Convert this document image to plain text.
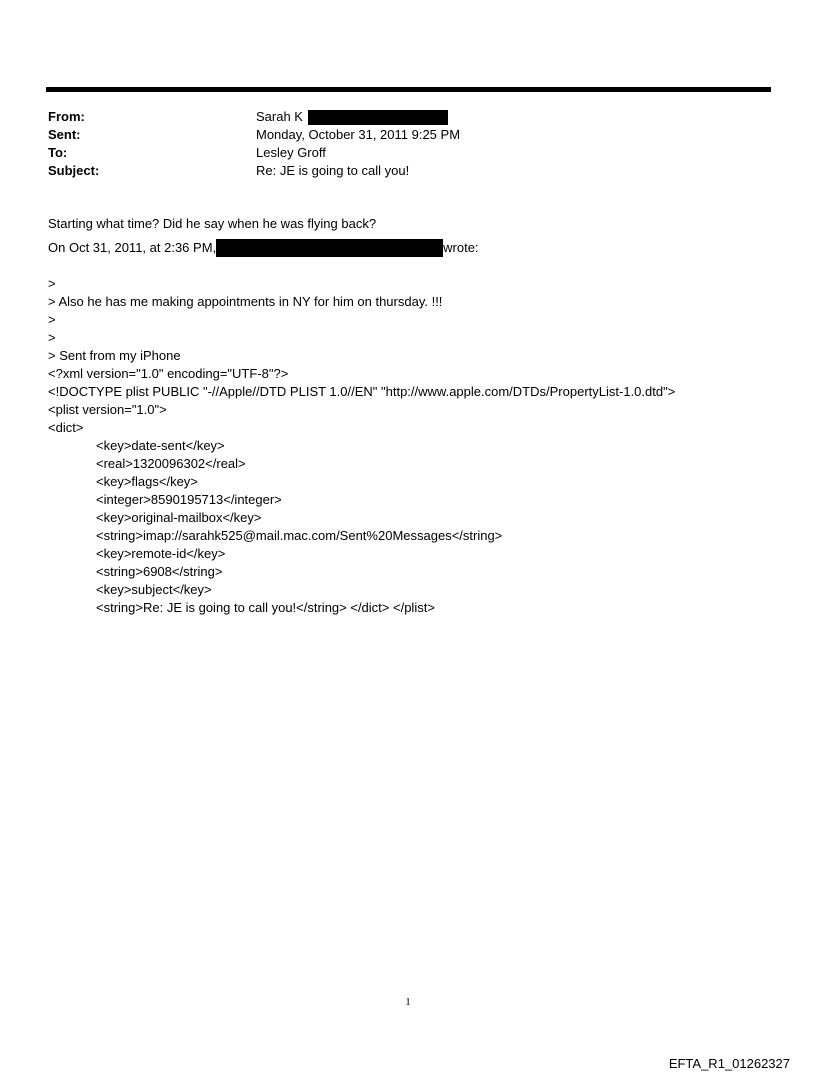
From:	Sarah K
Sent:	Monday, October 31, 2011 9:25 PM
To:	Lesley Groff
Subject:	Re: JE is going to call you!
Starting what time? Did he say when he was flying back?
On Oct 31, 2011, at 2:36 PM,	wrote:
>
> Also he has me making appointments in NY for him on thursday. !!!
>
>
> Sent from my iPhone
<?xml version="1.0" encoding="UTF-8"?>
<!DOCTYPE plist PUBLIC "-//Apple//DTD PLIST 1.0//EN" "http://www.apple.com/DTDs/PropertyList-1.0.dtd">
<plist version="1.0">
<dict>
<key>date-sent</key>
<real>1320096302</real>
<key>flags</key>
<integer>8590195713</integer>
<key>original-mailbox</key>
<string>imap://sarahk525@mail.mac.com/Sent%20Messages</string>
<key>remote-id</key>
<string>6908</string>
<key>subject</key>
<string>Re: JE is going to call you!</string> </dict> </plist>
1
EFTA_R1_01262327
